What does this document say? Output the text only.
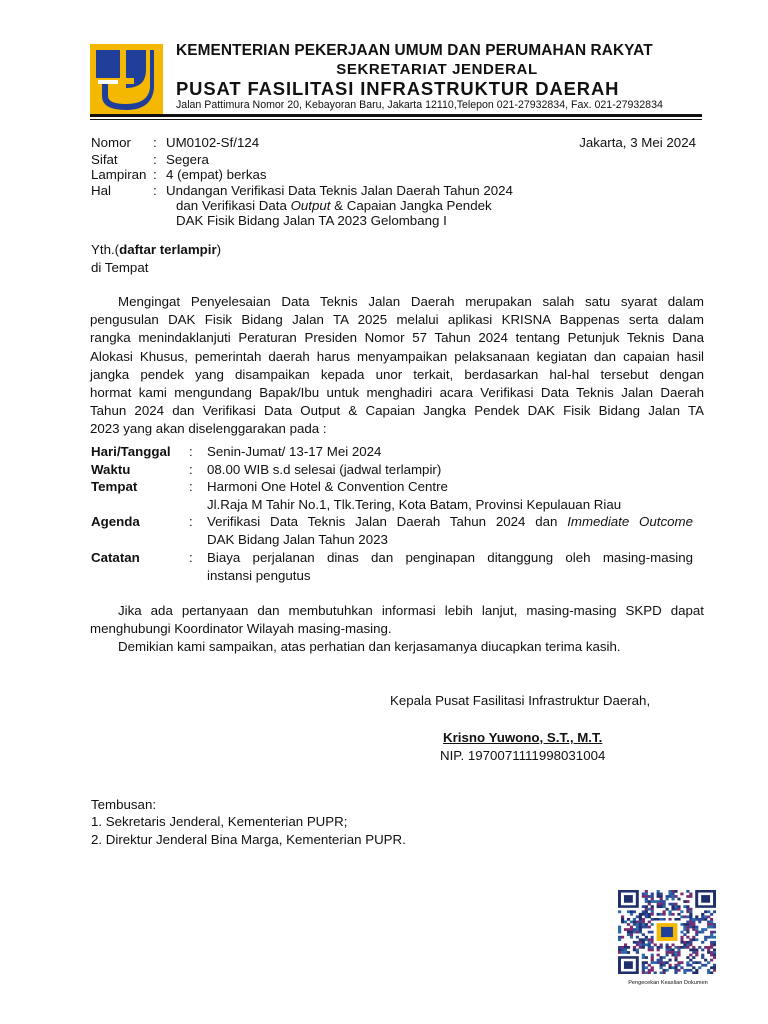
KEMENTERIAN PEKERJAAN UMUM DAN PERUMAHAN RAKYAT
SEKRETARIAT JENDERAL
PUSAT FASILITASI INFRASTRUKTUR DAERAH
Jalan Pattimura Nomor 20, Kebayoran Baru, Jakarta 12110,Telepon 021-27932834, Fax. 021-27932834
Nomor	: UM0102-Sf/124	Jakarta, 3 Mei 2024
Sifat	: Segera
Lampiran : 4 (empat) berkas
Hal	: Undangan Verifikasi Data Teknis Jalan Daerah Tahun 2024
dan Verifikasi Data Output & Capaian Jangka Pendek
DAK Fisik Bidang Jalan TA 2023 Gelombang I
Yth.(daftar terlampir)
di Tempat
Mengingat Penyelesaian Data Teknis Jalan Daerah merupakan salah satu syarat dalam
pengusulan DAK Fisik Bidang Jalan TA 2025 melalui aplikasi KRISNA Bappenas serta dalam
rangka menindaklanjuti Peraturan Presiden Nomor 57 Tahun 2024 tentang Petunjuk Teknis Dana
Alokasi Khusus, pemerintah daerah harus menyampaikan pelaksanaan kegiatan dan capaian hasil
jangka pendek yang disampaikan kepada unor terkait, berdasarkan hal-hal tersebut dengan
hormat kami mengundang Bapak/Ibu untuk menghadiri acara Verifikasi Data Teknis Jalan Daerah
Tahun 2024 dan Verifikasi Data Output & Capaian Jangka Pendek DAK Fisik Bidang Jalan TA
2023 yang akan diselenggarakan pada :
Hari/Tanggal : Senin-Jumat/ 13-17 Mei 2024
Waktu	: 08.00 WIB s.d selesai (jadwal terlampir)
Tempat	: Harmoni One Hotel & Convention Centre
Jl.Raja M Tahir No.1, Tlk.Tering, Kota Batam, Provinsi Kepulauan Riau
Agenda	: Verifikasi Data Teknis Jalan Daerah Tahun 2024 dan Immediate Outcome
DAK Bidang Jalan Tahun 2023
Catatan	: Biaya perjalanan dinas dan penginapan ditanggung oleh masing-masing
instansi pengutus
Jika ada pertanyaan dan membutuhkan informasi lebih lanjut, masing-masing SKPD dapat
menghubungi Koordinator Wilayah masing-masing.
Demikian kami sampaikan, atas perhatian dan kerjasamanya diucapkan terima kasih.
Kepala Pusat Fasilitasi Infrastruktur Daerah,
Krisno Yuwono, S.T., M.T.
NIP. 1970071111998031004
Tembusan:
1. Sekretaris Jenderal, Kementerian PUPR;
2. Direktur Jenderal Bina Marga, Kementerian PUPR.
Pengecekan Keaslian Dokumen
